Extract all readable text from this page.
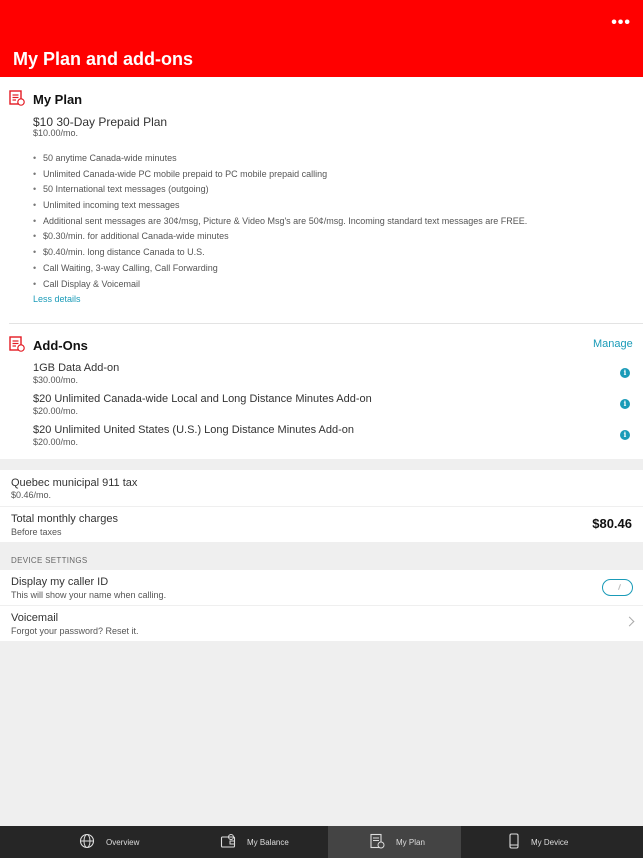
•••
My Plan and add-ons
My Plan
$10 30-Day Prepaid Plan
$10.00/mo.
• 50 anytime Canada-wide minutes
• Unlimited Canada-wide PC mobile prepaid to PC mobile prepaid calling
• 50 International text messages (outgoing)
• Unlimited incoming text messages
• Additional sent messages are 30¢/msg, Picture & Video Msg's are 50¢/msg. Incoming standard text messages are FREE.
• $0.30/min. for additional Canada-wide minutes
• $0.40/min. long distance Canada to U.S.
• Call Waiting, 3-way Calling, Call Forwarding
• Call Display & Voicemail
Less details
Add-Ons	Manage
1GB Data Add-on
$30.00/mo.
i
$20 Unlimited Canada-wide Local and Long Distance Minutes Add-on
$20.00/mo.
i
$20 Unlimited United States (U.S.) Long Distance Minutes Add-on
$20.00/mo.
i
Quebec municipal 911 tax
$0.46/mo.
Total monthly charges
Before taxes
$80.46
DEVICE SETTINGS
Display my caller ID
This will show your name when calling.
Voicemail
Forgot your password? Reset it.
Overview	My Balance	My Plan	My Device
